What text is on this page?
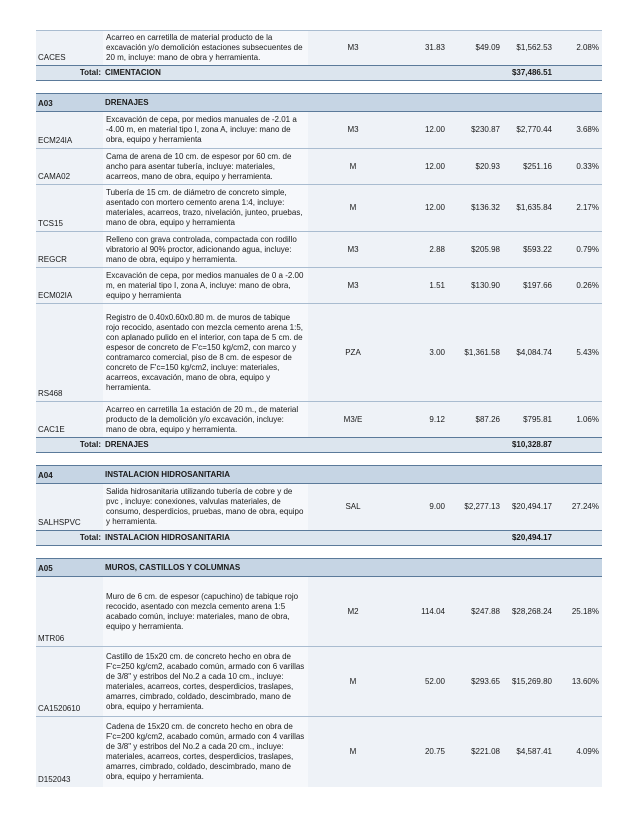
CACES	Acarreo en carretilla de material producto de la excavación y/o demolición estaciones subsecuentes de 20 m, incluye: mano de obra y herramienta.	M3	31.83	$49.09	$1,562.53	2.08%
Total:	CIMENTACION				$37,486.51	

A03	DRENAJES					
ECM24IA	Excavación de cepa, por medios manuales de -2.01 a -4.00 m, en material tipo I, zona A, incluye: mano de obra, equipo y herramienta	M3	12.00	$230.87	$2,770.44	3.68%
CAMA02	Cama de arena de 10 cm. de espesor por 60 cm. de ancho para asentar tubería, incluye: materiales, acarreos, mano de obra, equipo y herramienta.	M	12.00	$20.93	$251.16	0.33%
TCS15	Tubería de 15 cm. de diámetro de concreto simple, asentado con mortero cemento arena 1:4, incluye: materiales, acarreos, trazo, nivelación, junteo, pruebas, mano de obra, equipo y herramienta	M	12.00	$136.32	$1,635.84	2.17%
REGCR	Relleno con grava controlada, compactada con rodillo vibratorio al 90% proctor, adicionando agua, incluye: mano de obra, equipo y herramienta.	M3	2.88	$205.98	$593.22	0.79%
ECM02IA	Excavación de cepa, por medios manuales de 0 a -2.00 m, en material tipo I, zona A, incluye: mano de obra, equipo y herramienta	M3	1.51	$130.90	$197.66	0.26%
RS468	Registro de 0.40x0.60x0.80 m. de muros de tabique rojo recocido, asentado con mezcla cemento arena 1:5, con aplanado pulido en el interior, con tapa de 5 cm. de espesor de concreto de F'c=150 kg/cm2, con marco y contramarco comercial, piso de 8 cm. de espesor de concreto de F'c=150 kg/cm2, incluye: materiales, acarreos, excavación, mano de obra, equipo y herramienta.	PZA	3.00	$1,361.58	$4,084.74	5.43%
CAC1E	Acarreo en carretilla 1a estación de 20 m., de material producto de la demolición y/o excavación, incluye: mano de obra, equipo y herramienta.	M3/E	9.12	$87.26	$795.81	1.06%
Total:	DRENAJES				$10,328.87	

A04	INSTALACION HIDROSANITARIA					
SALHSPVC	Salida hidrosanitaria utilizando tubería de cobre y de pvc , incluye: conexiones, valvulas materiales, de consumo, desperdicios, pruebas, mano de obra, equipo y herramienta.	SAL	9.00	$2,277.13	$20,494.17	27.24%
Total:	INSTALACION HIDROSANITARIA				$20,494.17	

A05	MUROS, CASTILLOS Y COLUMNAS					
MTR06	Muro de 6 cm. de espesor (capuchino) de tabique rojo recocido, asentado con mezcla cemento arena 1:5 acabado común, incluye: materiales, mano de obra, equipo y herramienta.	M2	114.04	$247.88	$28,268.24	25.18%
CA1520610	Castillo de 15x20 cm. de concreto hecho en obra de F'c=250 kg/cm2, acabado común, armado con 6 varillas de 3/8" y estribos del No.2 a cada 10 cm., incluye: materiales, acarreos, cortes, desperdicios, traslapes, amarres, cimbrado, coldado, descimbrado, mano de obra, equipo y herramienta.	M	52.00	$293.65	$15,269.80	13.60%
D152043	Cadena de 15x20 cm. de concreto hecho en obra de F'c=200 kg/cm2, acabado común, armado con 4 varillas de 3/8" y estribos del No.2 a cada 20 cm., incluye: materiales, acarreos, cortes, desperdicios, traslapes, amarres, cimbrado, coldado, descimbrado, mano de obra, equipo y herramienta.	M	20.75	$221.08	$4,587.41	4.09%
